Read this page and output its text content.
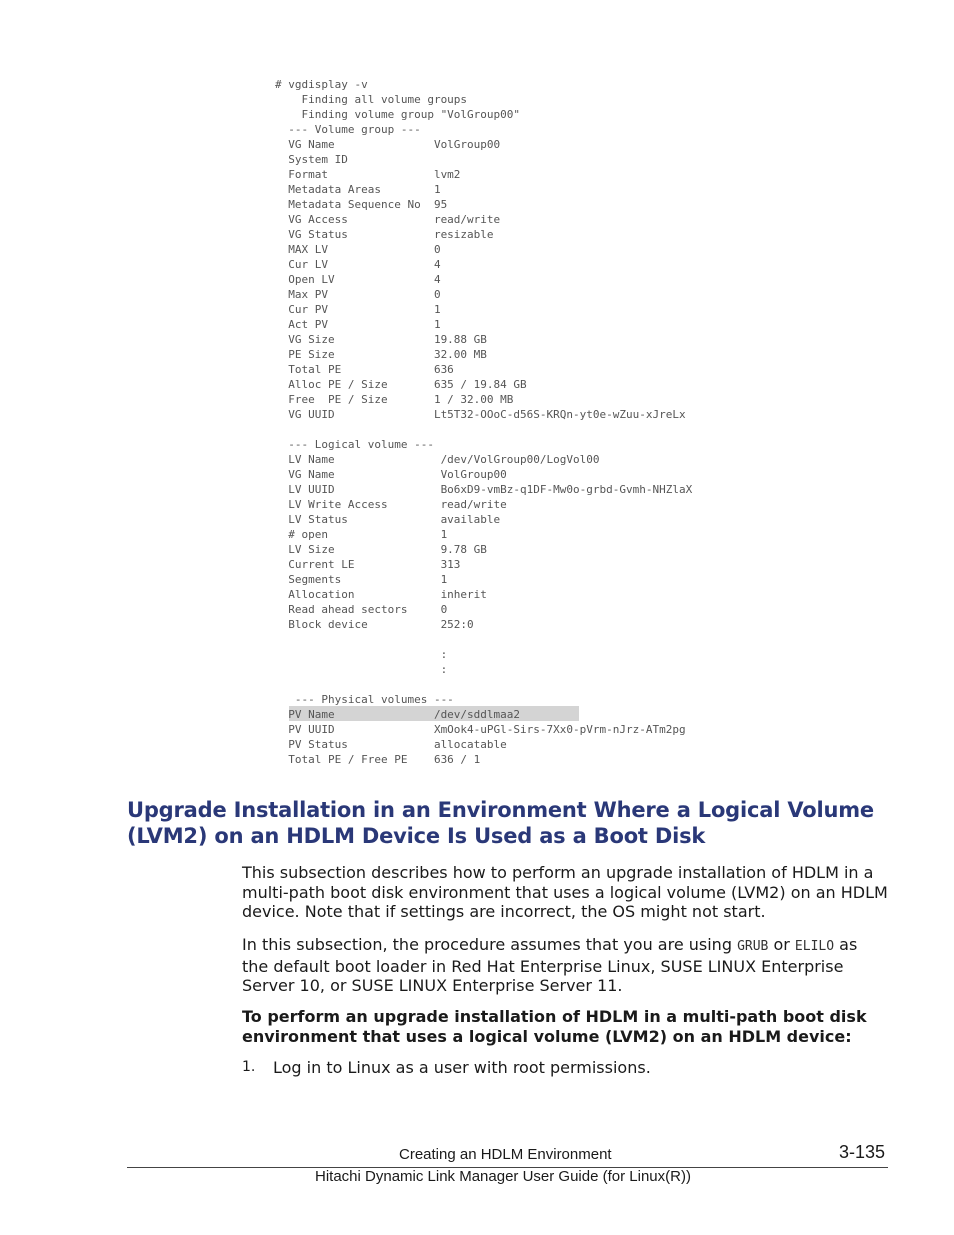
# vgdisplay -v
Finding all volume groups
Finding volume group "VolGroup00"
--- Volume group ---
VG Name               VolGroup00
System ID
Format                lvm2
Metadata Areas        1
Metadata Sequence No  95
VG Access             read/write
VG Status             resizable
MAX LV                0
Cur LV                4
Open LV               4
Max PV                0
Cur PV                1
Act PV                1
VG Size               19.88 GB
PE Size               32.00 MB
Total PE              636
Alloc PE / Size       635 / 19.84 GB
Free  PE / Size       1 / 32.00 MB
VG UUID               Lt5T32-OOoC-d56S-KRQn-yt0e-wZuu-xJreLx
--- Logical volume ---
LV Name                /dev/VolGroup00/LogVol00
VG Name                VolGroup00
LV UUID                Bo6xD9-vmBz-q1DF-Mw0o-grbd-Gvmh-NHZlaX
LV Write Access        read/write
LV Status              available
# open                 1
LV Size                9.78 GB
Current LE             313
Segments               1
Allocation             inherit
Read ahead sectors     0
Block device           252:0
:
:
--- Physical volumes ---
PV Name               /dev/sddlmaa2
PV UUID               XmOok4-uPGl-Sirs-7Xx0-pVrm-nJrz-ATm2pg
PV Status             allocatable
Total PE / Free PE    636 / 1
Upgrade Installation in an Environment Where a Logical Volume (LVM2) on an HDLM Device Is Used as a Boot Disk

This subsection describes how to perform an upgrade installation of HDLM in a multi-path boot disk environment that uses a logical volume (LVM2) on an HDLM device. Note that if settings are incorrect, the OS might not start.

In this subsection, the procedure assumes that you are using GRUB or ELILO as the default boot loader in Red Hat Enterprise Linux, SUSE LINUX Enterprise Server 10, or SUSE LINUX Enterprise Server 11.

To perform an upgrade installation of HDLM in a multi-path boot disk environment that uses a logical volume (LVM2) on an HDLM device:

1. Log in to Linux as a user with root permissions.
Creating an HDLM Environment	3-135
Hitachi Dynamic Link Manager User Guide (for Linux(R))
